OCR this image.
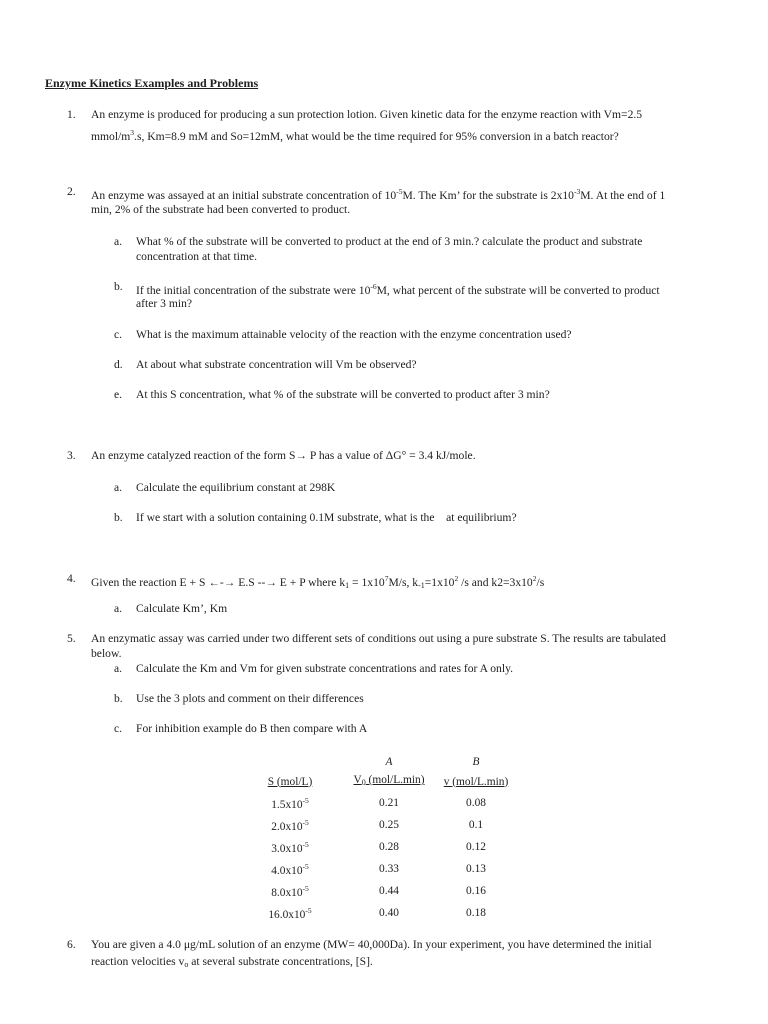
Enzyme Kinetics Examples and Problems
1.	An enzyme is produced for producing a sun protection lotion. Given kinetic data for the enzyme reaction with Vm=2.5
mmol/$m^3.s$, Km=8.9 mM and So=12mM, what would be the time required for 95% conversion in a batch reactor?
2.	An enzyme was assayed at an initial substrate concentration of $10^{-5}M$. The Km’ for the substrate is $2x10^{-3}M$. At the end of 1
min, 2% of the substrate had been converted to product.
a. What % of the substrate will be converted to product at the end of 3 min.? calculate the product and substrate
concentration at that time.
b. If the initial concentration of the substrate were $10^{-6}M$, what percent of the substrate will be converted to product
after 3 min?
c. What is the maximum attainable velocity of the reaction with the enzyme concentration used?
d. At about what substrate concentration will Vm be observed?
e. At this S concentration, what % of the substrate will be converted to product after 3 min?
3.	An enzyme catalyzed reaction of the form S→ P has a value of ΔG° = 3.4 kJ/mole.
a. Calculate the equilibrium constant at 298K
b. If we start with a solution containing 0.1M substrate, what is the    at equilibrium?
4.	Given the reaction E + S ←-→ E.S --→ E + P where $k_1 = 1x10^7M/s$, $k_{-1}=1x10^2$ /s and $k2=3x10^2/s$
a. Calculate Km’, Km
5.	An enzymatic assay was carried under two different sets of conditions out using a pure substrate S. The results are tabulated
below.
a. Calculate the Km and Vm for given substrate concentrations and rates for A only.
b. Use the 3 plots and comment on their differences
c. For inhibition example do B then compare with A
	A	B
S (mol/L)	$V_0$ (mol/L.min)	v (mol/L.min)
$1.5x10^{-5}$	0.21	0.08
$2.0x10^{-5}$	0.25	0.1
$3.0x10^{-5}$	0.28	0.12
$4.0x10^{-5}$	0.33	0.13
$8.0x10^{-5}$	0.44	0.16
$16.0x10^{-5}$	0.40	0.18
6.	You are given a 4.0 μg/mL solution of an enzyme (MW= 40,000Da). In your experiment, you have determined the initial
reaction velocities $v_o$ at several substrate concentrations, [S].
